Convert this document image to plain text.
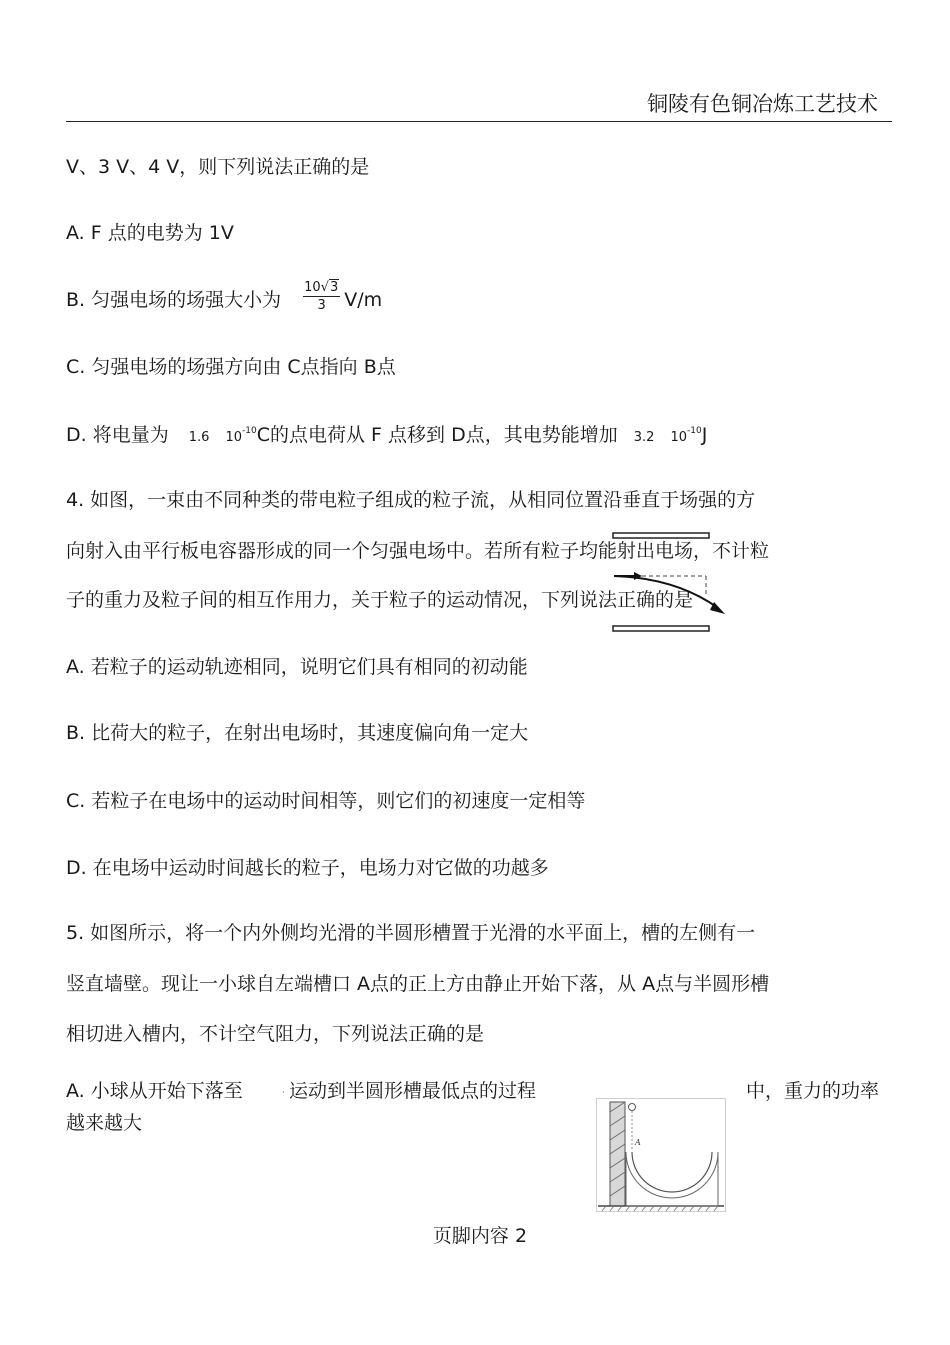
铜陵有色铜冶炼工艺技术
V、3 V、4 V，则下列说法正确的是
A. F 点的电势为 1V
B. 匀强电场的场强大小为 $\frac{10√3}{3} V/m$
C. 匀强电场的场强方向由 C点指向 B点
D. 将电量为 1.6 $10^{-10}C$的点电荷从 F 点移到 D点，其电势能增加 3.2 $10^{-10}J$
4. 如图，一束由不同种类的带电粒子组成的粒子流，从相同位置沿垂直于场强的方
向射入由平行板电容器形成的同一个匀强电场中。若所有粒子均能射出电场，不计粒
子的重力及粒子间的相互作用力，关于粒子的运动情况，下列说法正确的是
A. 若粒子的运动轨迹相同，说明它们具有相同的初动能
B. 比荷大的粒子，在射出电场时，其速度偏向角一定大
C. 若粒子在电场中的运动时间相等，则它们的初速度一定相等
D. 在电场中运动时间越长的粒子，电场力对它做的功越多
5. 如图所示，将一个内外侧均光滑的半圆形槽置于光滑的水平面上，槽的左侧有一
竖直墙壁。现让一小球自左端槽口 A点的正上方由静止开始下落，从 A点与半圆形槽
相切进入槽内，不计空气阻力，下列说法正确的是
A. 小球从开始下落至	· 运动到半圆形槽最低点的过程	中，重力的功率
越来越大
A
页脚内容 2
